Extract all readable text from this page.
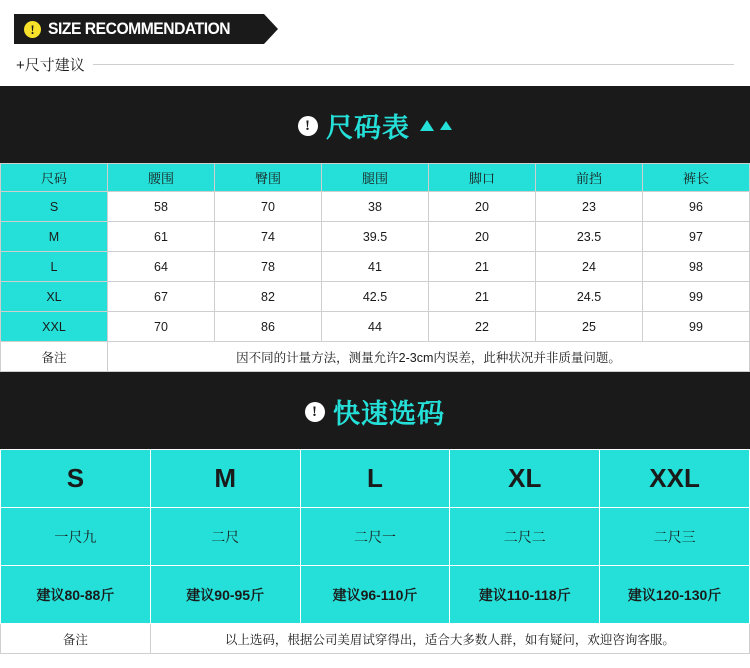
! SIZE RECOMMENDATION
+尺寸建议
! 尺码表
尺码	腰围	臀围	腿围	脚口	前挡	裤长
S	58	70	38	20	23	96
M	61	74	39.5	20	23.5	97
L	64	78	41	21	24	98
XL	67	82	42.5	21	24.5	99
XXL	70	86	44	22	25	99
备注	因不同的计量方法，测量允许2-3cm内误差，此种状况并非质量问题。					
! 快速选码
S	M	L	XL	XXL
一尺九	二尺	二尺一	二尺二	二尺三
建议80-88斤	建议90-95斤	建议96-110斤	建议110-118斤	建议120-130斤
备注	以上选码，根据公司美眉试穿得出，适合大多数人群，如有疑问，欢迎咨询客服。			
